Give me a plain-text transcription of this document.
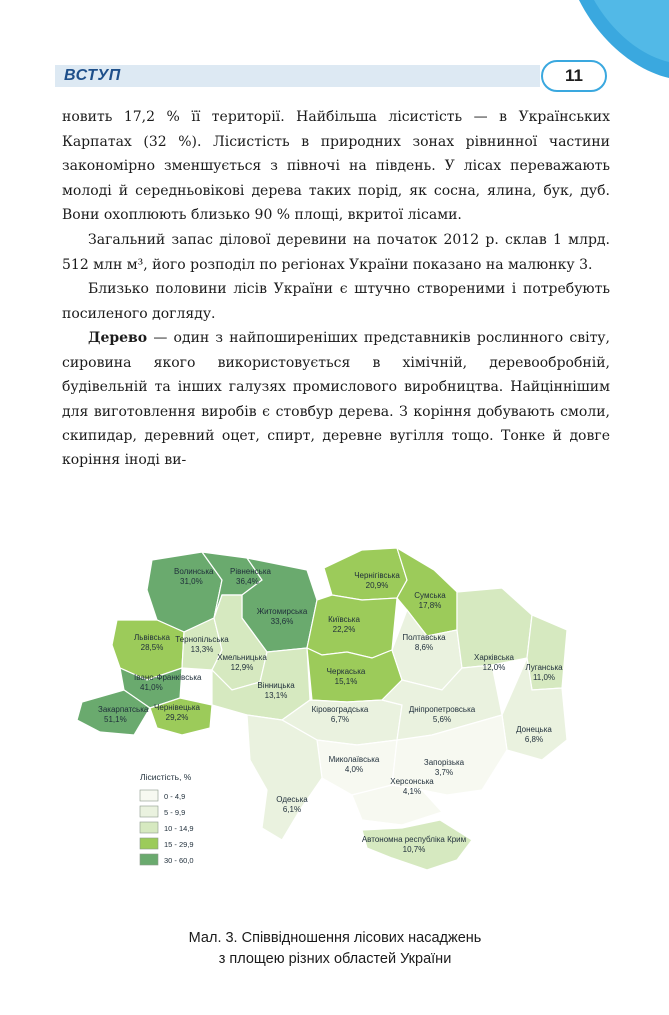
ВСТУП	11

новить 17,2 % її території. Найбільша лісистість — в Українських Карпатах (32 %). Лісистість в природних зонах рівнинної частини закономірно зменшується з півночі на південь. У лісах переважають молоді й середньовікові дерева таких порід, як сосна, ялина, бук, дуб. Вони охоплюють близько 90 % площі, вкритої лісами.

Загальний запас ділової деревини на початок 2012 р. склав 1 млрд. 512 млн м³, його розподіл по регіонах України показано на малюнку 3.

Близько половини лісів України є штучно створеними і потребують посиленого догляду.

Дерево — один з найпоширеніших представників рослинного світу, сировина якого використовується в хімічній, деревообробній, будівельній та інших галузях промислового виробництва. Найціннішим для виготовлення виробів є стовбур дерева. З коріння добувають смоли, скипидар, деревний оцет, спирт, деревне вугілля тощо. Тонке й довге коріння іноді ви-

Волинська
31,0%
Рівненська
36,4%
Житомирська
33,6%
Чернігівська
20,9%
Сумська
17,8%
Київська
22,2%
Львівська
28,5%
Тернопільська
13,3%
Хмельницька
12,9%
Івано-Франківська
41,0%
Закарпатська
51,1%
Чернівецька
29,2%
Вінницька
13,1%
Черкаська
15,1%
Полтавська
8,6%
Харківська
12,0%	Луганська
11,0%
Кіровоградська
6,7%
Дніпропетровська
5,6%
Донецька
6,8%
Миколаївська
4,0%
Херсонська
4,1%
Запорізька
3,7%
Одеська
6,1%
Автономна республіка Крим
10,7%
Лісистість, %
0 - 4,9
5 - 9,9
10 - 14,9
15 - 29,9
30 - 60,0
Мал. 3. Співвідношення лісових насаджень
з площею різних областей України
